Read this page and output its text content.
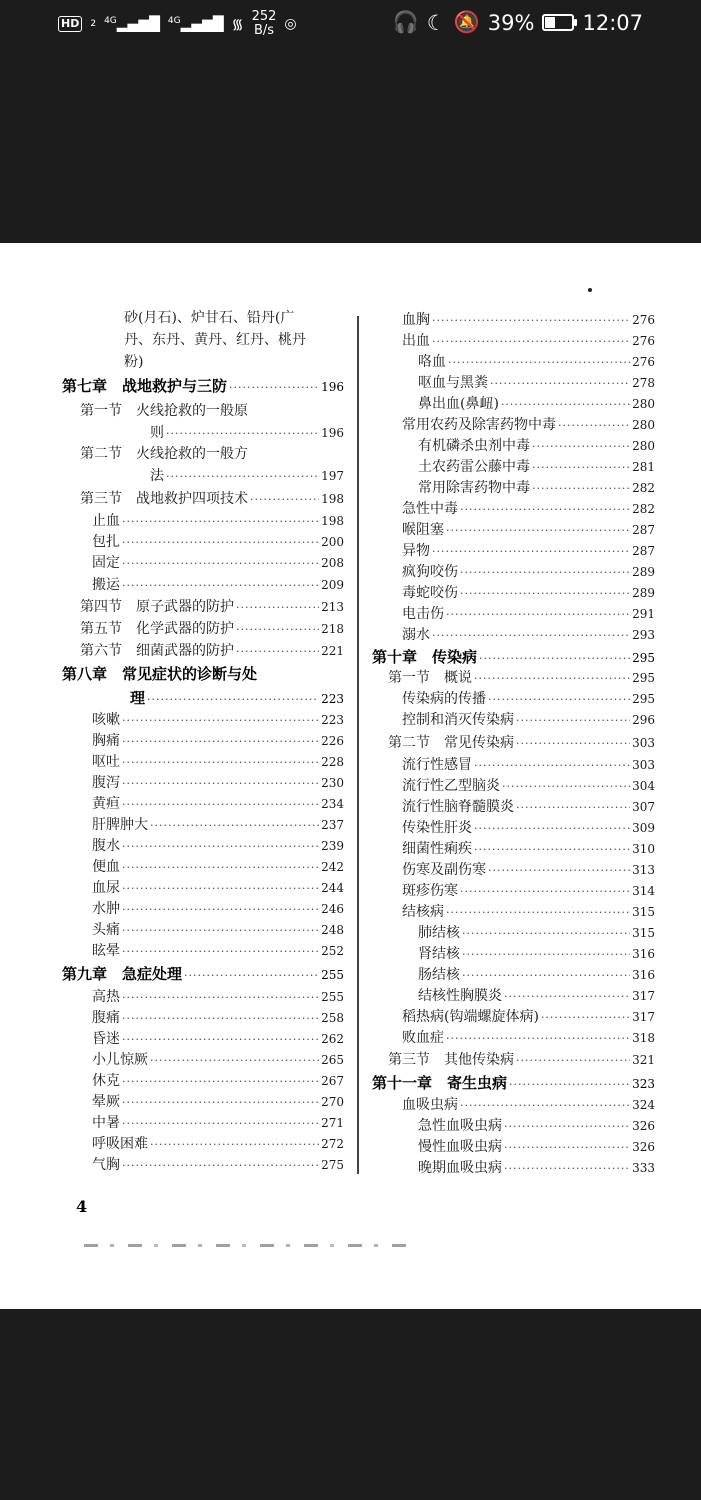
HD	2 $^{4G}$▂▄▆█ $^{4G}$▂▄▆█ ᯾ 252
B/s ◎	🎧 ☾ 🔕 39% 12:07
砂(月石)、炉甘石、铅丹(广
丹、东丹、黄丹、红丹、桃丹
粉)
第七章　战地救护与三防 ·····	196
第一节　火线抢救的一般原
则 ·····	196
第二节　火线抢救的一般方
法 ·····	197
第三节　战地救护四项技术 ·····	198
止血 ·····	198
包扎 ·····	200
固定 ·····	208
搬运 ·····	209
第四节　原子武器的防护 ·····	213
第五节　化学武器的防护 ·····	218
第六节　细菌武器的防护 ·····	221
第八章　常见症状的诊断与处
理 ·····	223
咳嗽 ·····	223
胸痛 ·····	226
呕吐 ·····	228
腹泻 ·····	230
黄疸 ·····	234
肝脾肿大 ·····	237
腹水 ·····	239
便血 ·····	242
血尿 ·····	244
水肿 ·····	246
头痛 ·····	248
眩晕 ·····	252
第九章　急症处理 ·····	255
高热 ·····	255
腹痛 ·····	258
昏迷 ·····	262
小儿惊厥 ·····	265
休克 ·····	267
晕厥 ·····	270
中暑 ·····	271
呼吸困难 ·····	272
气胸 ·····	275
血胸 ·····	276
出血 ·····	276
咯血 ·····	276
呕血与黑粪 ·····	278
鼻出血(鼻衄) ·····	280
常用农药及除害药物中毒 ·····	280
有机磷杀虫剂中毒 ·····	280
土农药雷公藤中毒 ·····	281
常用除害药物中毒 ·····	282
急性中毒 ·····	282
喉阻塞 ·····	287
异物 ·····	287
疯狗咬伤 ·····	289
毒蛇咬伤 ·····	289
电击伤 ·····	291
溺水 ·····	293
第十章　传染病 ·····	295
第一节　概说 ·····	295
传染病的传播 ·····	295
控制和消灭传染病 ·····	296
第二节　常见传染病 ·····	303
流行性感冒 ·····	303
流行性乙型脑炎 ·····	304
流行性脑脊髓膜炎 ·····	307
传染性肝炎 ·····	309
细菌性痢疾 ·····	310
伤寒及副伤寒 ·····	313
斑疹伤寒 ·····	314
结核病 ·····	315
肺结核 ·····	315
肾结核 ·····	316
肠结核 ·····	316
结核性胸膜炎 ·····	317
稻热病(钩端螺旋体病) ·····	317
败血症 ·····	318
第三节　其他传染病 ·····	321
第十一章　寄生虫病 ·····	323
血吸虫病 ·····	324
急性血吸虫病 ·····	326
慢性血吸虫病 ·····	326
晚期血吸虫病 ·····	333
4
